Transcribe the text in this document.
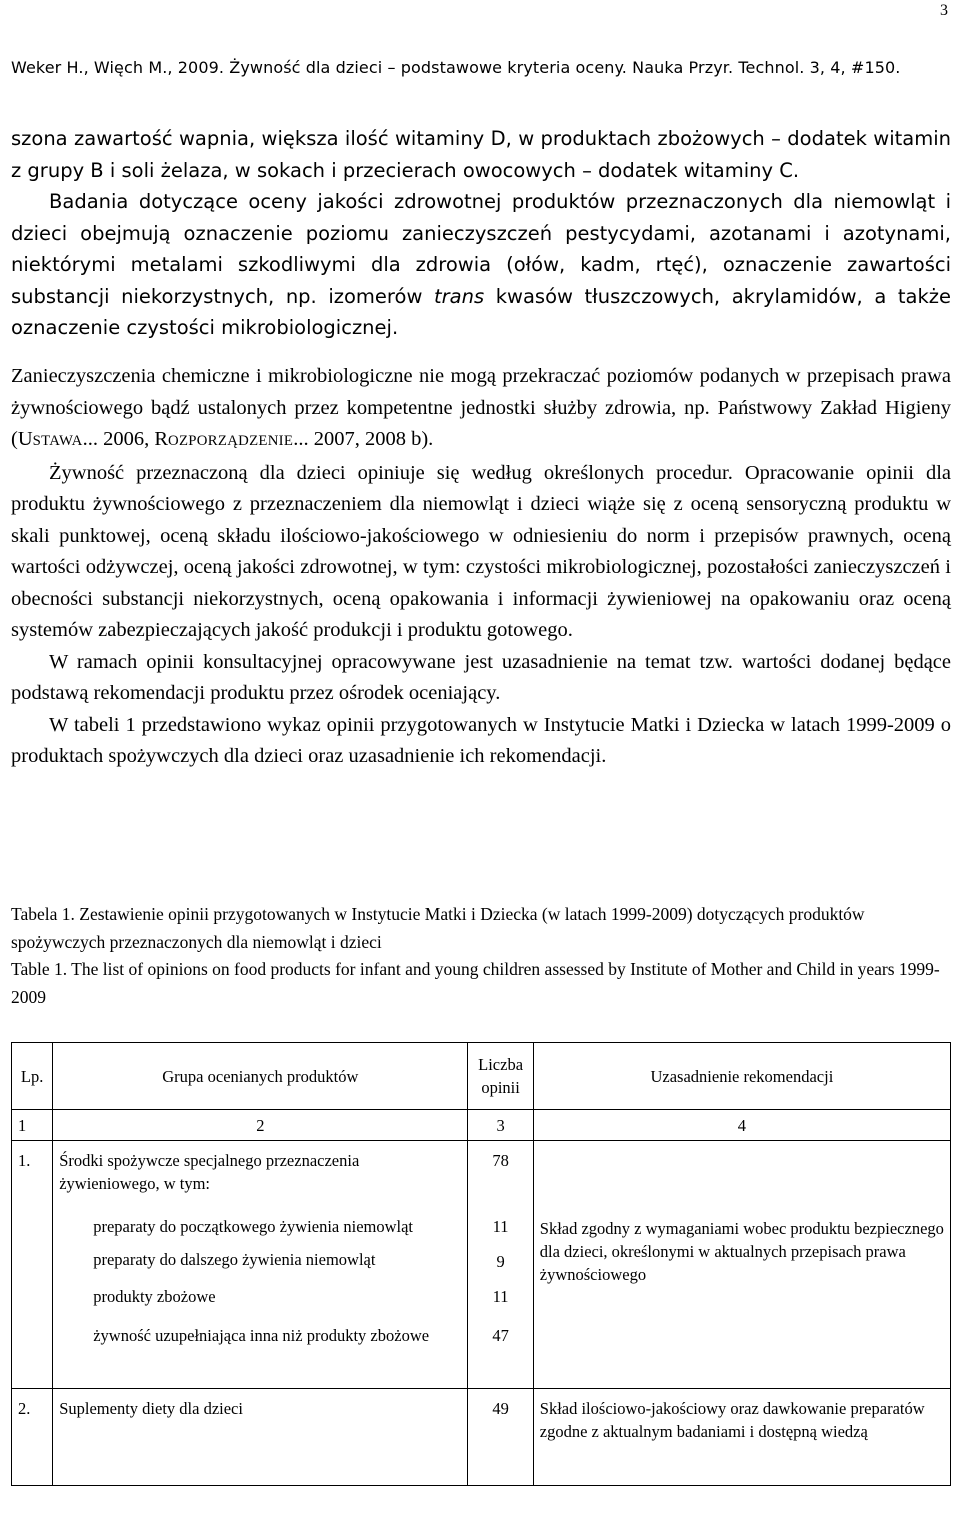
3
Weker H., Więch M., 2009. Żywność dla dzieci – podstawowe kryteria oceny. Nauka Przyr. Technol. 3, 4, #150.

szona zawartość wapnia, większa ilość witaminy D, w produktach zbożowych – dodatek witamin z grupy B i soli żelaza, w sokach i przecierach owocowych – dodatek witaminy C.

Badania dotyczące oceny jakości zdrowotnej produktów przeznaczonych dla niemowląt i dzieci obejmują oznaczenie poziomu zanieczyszczeń pestycydami, azotanami i azotynami, niektórymi metalami szkodliwymi dla zdrowia (ołów, kadm, rtęć), oznaczenie zawartości substancji niekorzystnych, np. izomerów trans kwasów tłuszczowych, akrylamidów, a także oznaczenie czystości mikrobiologicznej.

Zanieczyszczenia chemiczne i mikrobiologiczne nie mogą przekraczać poziomów podanych w przepisach prawa żywnościowego bądź ustalonych przez kompetentne jednostki służby zdrowia, np. Państwowy Zakład Higieny (USTAWA... 2006, ROZPORZĄDZENIE... 2007, 2008 b).

Żywność przeznaczoną dla dzieci opiniuje się według określonych procedur. Opracowanie opinii dla produktu żywnościowego z przeznaczeniem dla niemowląt i dzieci wiąże się z oceną sensoryczną produktu w skali punktowej, oceną składu ilościowo-jakościowego w odniesieniu do norm i przepisów prawnych, oceną wartości odżywczej, oceną jakości zdrowotnej, w tym: czystości mikrobiologicznej, pozostałości zanieczyszczeń i obecności substancji niekorzystnych, oceną opakowania i informacji żywieniowej na opakowaniu oraz oceną systemów zabezpieczających jakość produkcji i produktu gotowego.

W ramach opinii konsultacyjnej opracowywane jest uzasadnienie na temat tzw. wartości dodanej będące podstawą rekomendacji produktu przez ośrodek oceniający.

W tabeli 1 przedstawiono wykaz opinii przygotowanych w Instytucie Matki i Dziecka w latach 1999-2009 o produktach spożywczych dla dzieci oraz uzasadnienie ich rekomendacji.

Tabela 1. Zestawienie opinii przygotowanych w Instytucie Matki i Dziecka (w latach 1999-2009) dotyczących produktów spożywczych przeznaczonych dla niemowląt i dzieci
Table 1. The list of opinions on food products for infant and young children assessed by Institute of Mother and Child in years 1999-2009
Lp.	Grupa ocenianych produktów	Liczba opinii	Uzasadnienie rekomendacji
1	2	3	4
1.	Środki spożywcze specjalnego przeznaczenia żywieniowego, w tym:	78	
	preparaty do początkowego żywienia niemowląt	11	Skład zgodny z wymaganiami wobec produktu bezpiecznego dla dzieci, określonymi w aktualnych przepisach prawa żywnościowego
	preparaty do dalszego żywienia niemowląt	9	
	produkty zbożowe	11	
	żywność uzupełniająca inna niż produkty zbożowe	47	
2.	Suplementy diety dla dzieci	49	Skład ilościowo-jakościowy oraz dawkowanie preparatów zgodne z aktualnym badaniami i dostępną wiedzą
